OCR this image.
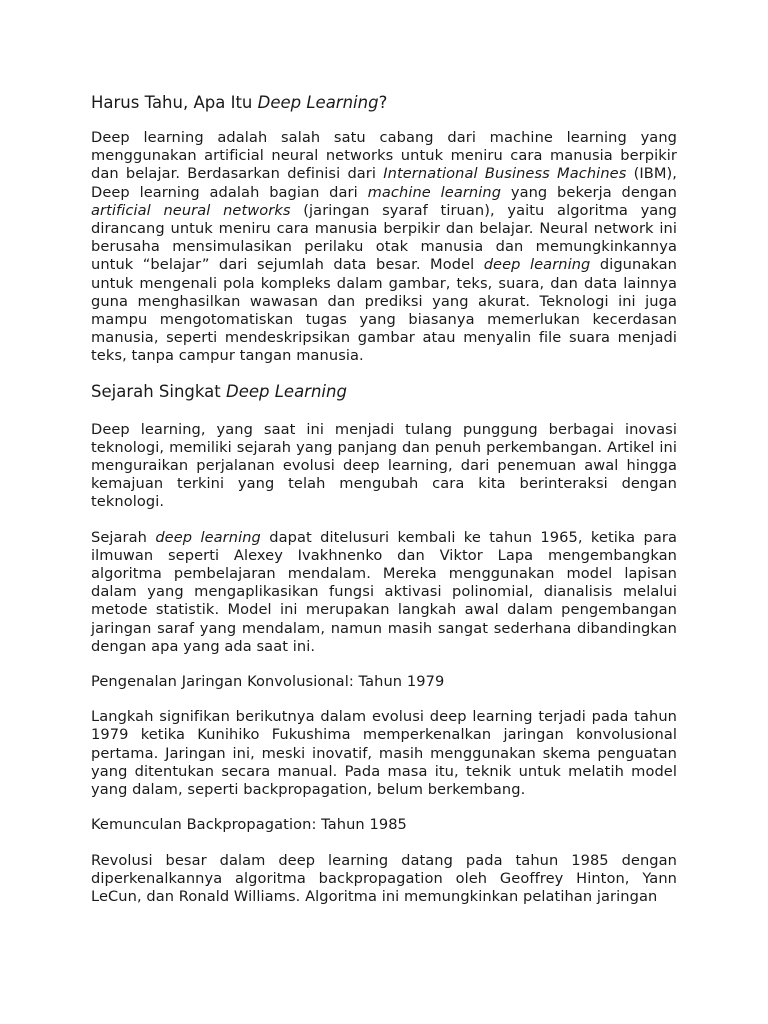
Harus Tahu, Apa Itu Deep Learning?

Deep learning adalah salah satu cabang dari machine learning yang menggunakan artificial neural networks untuk meniru cara manusia berpikir dan belajar. Berdasarkan definisi dari International Business Machines (IBM), Deep learning adalah bagian dari machine learning yang bekerja dengan artificial neural networks (jaringan syaraf tiruan), yaitu algoritma yang dirancang untuk meniru cara manusia berpikir dan belajar. Neural network ini berusaha mensimulasikan perilaku otak manusia dan memungkinkannya untuk “belajar” dari sejumlah data besar. Model deep learning digunakan untuk mengenali pola kompleks dalam gambar, teks, suara, dan data lainnya guna menghasilkan wawasan dan prediksi yang akurat. Teknologi ini juga mampu mengotomatiskan tugas yang biasanya memerlukan kecerdasan manusia, seperti mendeskripsikan gambar atau menyalin file suara menjadi teks, tanpa campur tangan manusia.

Sejarah Singkat Deep Learning

Deep learning, yang saat ini menjadi tulang punggung berbagai inovasi teknologi, memiliki sejarah yang panjang dan penuh perkembangan. Artikel ini menguraikan perjalanan evolusi deep learning, dari penemuan awal hingga kemajuan terkini yang telah mengubah cara kita berinteraksi dengan teknologi.

Sejarah deep learning dapat ditelusuri kembali ke tahun 1965, ketika para ilmuwan seperti Alexey Ivakhnenko dan Viktor Lapa mengembangkan algoritma pembelajaran mendalam. Mereka menggunakan model lapisan dalam yang mengaplikasikan fungsi aktivasi polinomial, dianalisis melalui metode statistik. Model ini merupakan langkah awal dalam pengembangan jaringan saraf yang mendalam, namun masih sangat sederhana dibandingkan dengan apa yang ada saat ini.

Pengenalan Jaringan Konvolusional: Tahun 1979

Langkah signifikan berikutnya dalam evolusi deep learning terjadi pada tahun 1979 ketika Kunihiko Fukushima memperkenalkan jaringan konvolusional pertama. Jaringan ini, meski inovatif, masih menggunakan skema penguatan yang ditentukan secara manual. Pada masa itu, teknik untuk melatih model yang dalam, seperti backpropagation, belum berkembang.

Kemunculan Backpropagation: Tahun 1985

Revolusi besar dalam deep learning datang pada tahun 1985 dengan diperkenalkannya algoritma backpropagation oleh Geoffrey Hinton, Yann LeCun, dan Ronald Williams. Algoritma ini memungkinkan pelatihan jaringan
